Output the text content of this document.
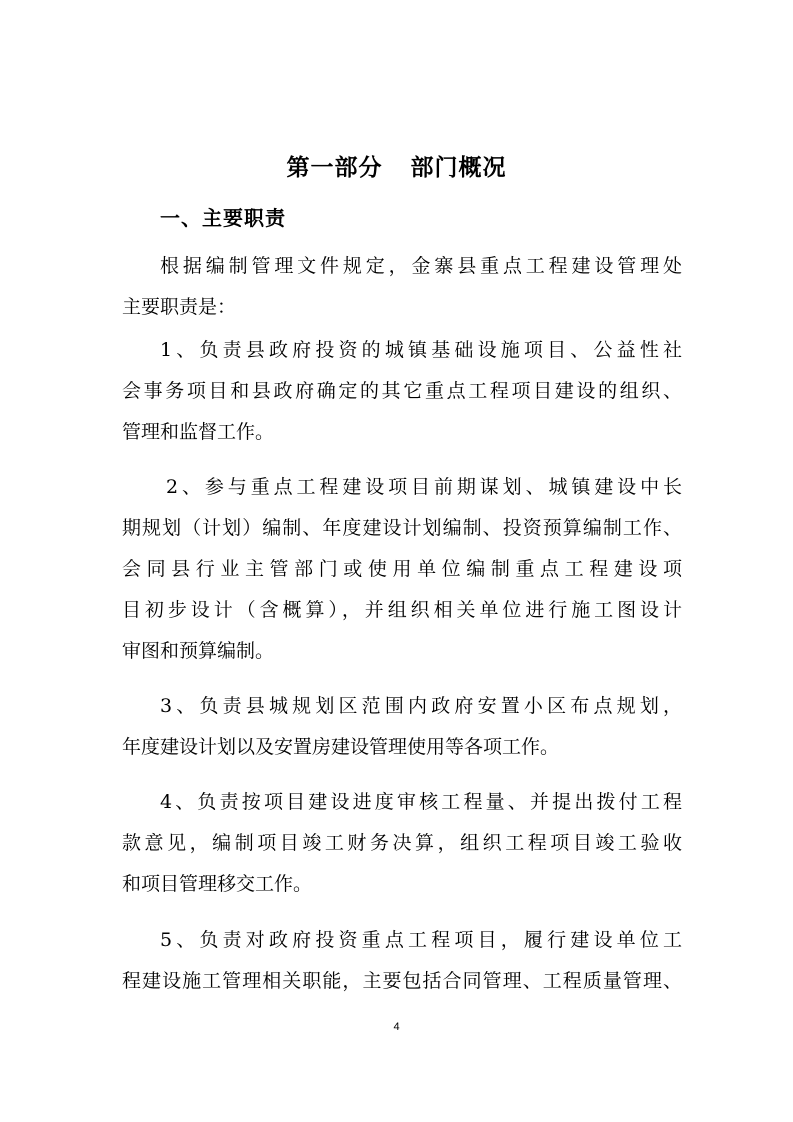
第一部分 部门概况
一、主要职责
根据编制管理文件规定，金寨县重点工程建设管理处
主要职责是：
1、负责县政府投资的城镇基础设施项目、公益性社
会事务项目和县政府确定的其它重点工程项目建设的组织、
管理和监督工作。
2、参与重点工程建设项目前期谋划、城镇建设中长
期规划（计划）编制、年度建设计划编制、投资预算编制工作、
会同县行业主管部门或使用单位编制重点工程建设项
目初步设计（含概算），并组织相关单位进行施工图设计
审图和预算编制。
3、负责县城规划区范围内政府安置小区布点规划，
年度建设计划以及安置房建设管理使用等各项工作。
4、负责按项目建设进度审核工程量、并提出拨付工程
款意见，编制项目竣工财务决算，组织工程项目竣工验收
和项目管理移交工作。
5、负责对政府投资重点工程项目，履行建设单位工
程建设施工管理相关职能，主要包括合同管理、工程质量管理、
4
